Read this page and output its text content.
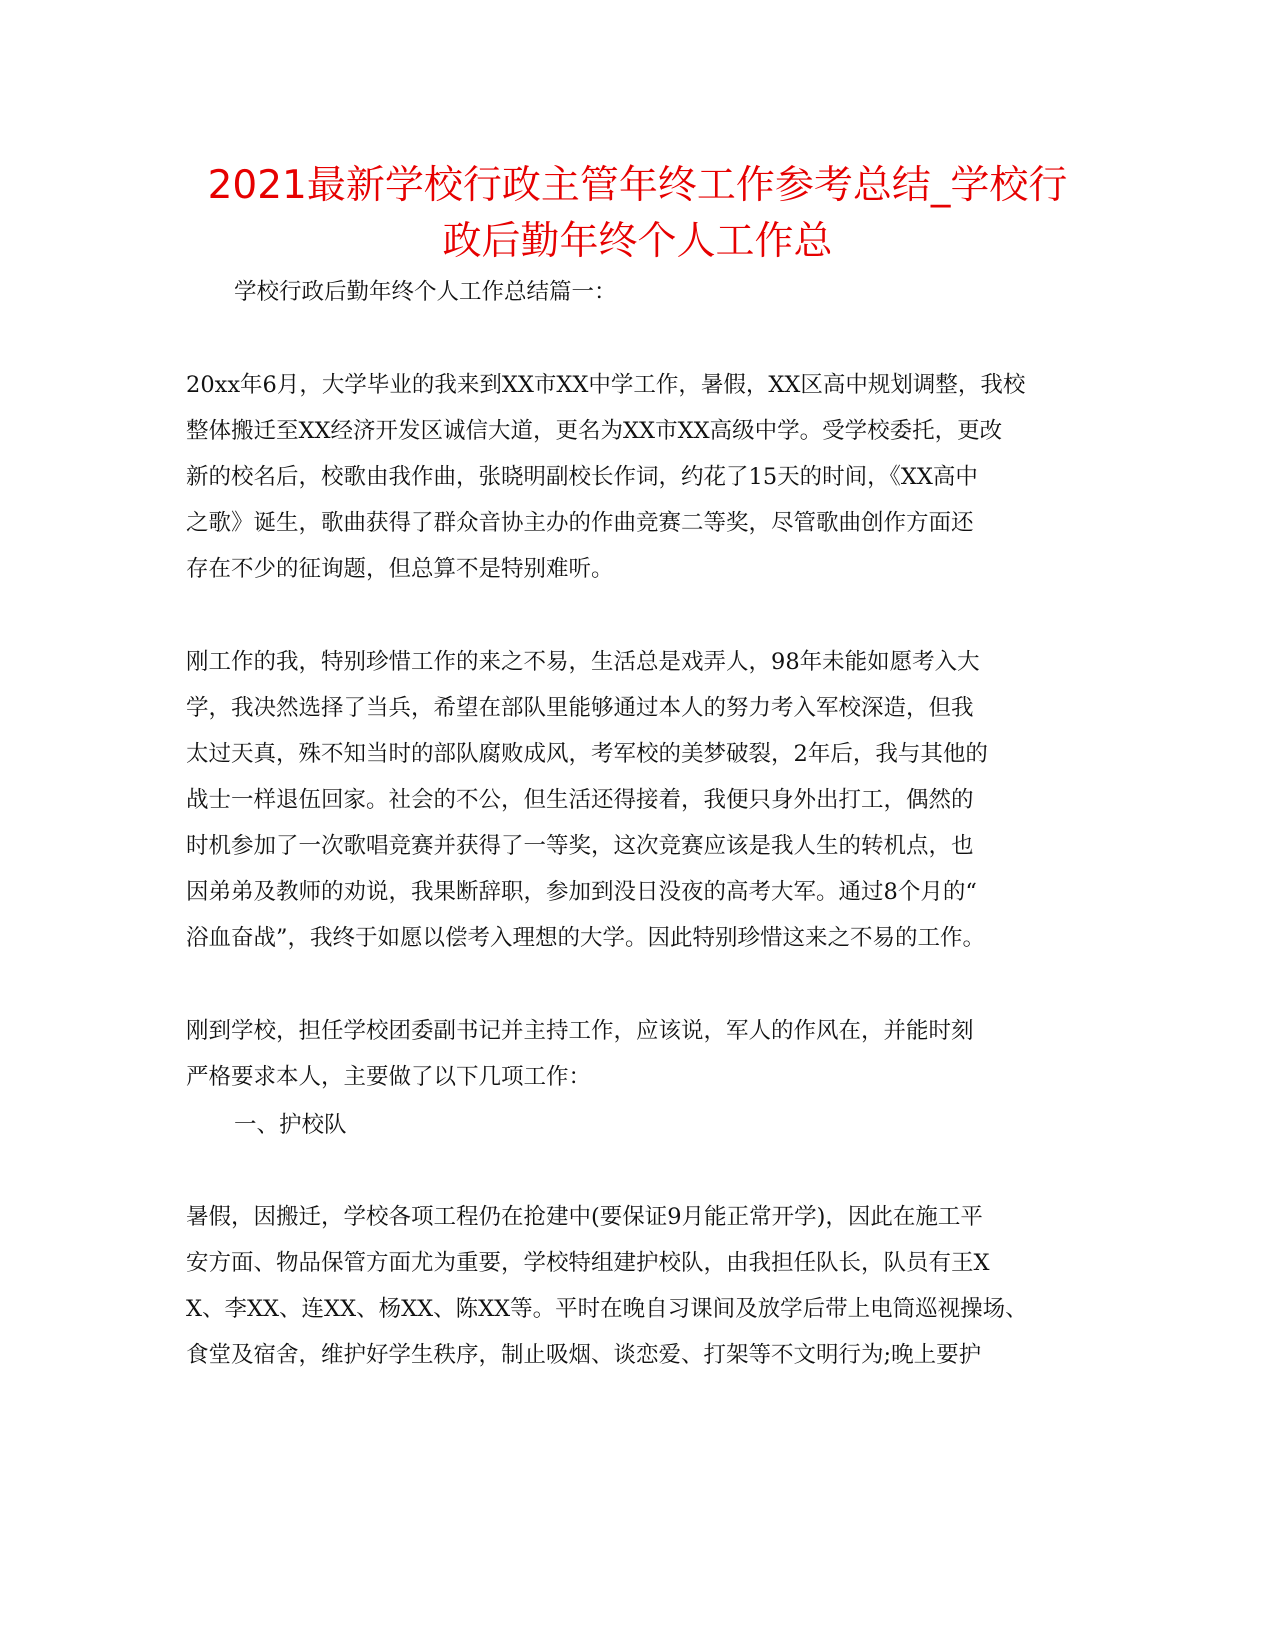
2021最新学校行政主管年终工作参考总结_学校行
政后勤年终个人工作总
学校行政后勤年终个人工作总结篇一：
20xx年6月，大学毕业的我来到XX市XX中学工作，暑假，XX区高中规划调整，我校
整体搬迁至XX经济开发区诚信大道，更名为XX市XX高级中学。受学校委托，更改
新的校名后，校歌由我作曲，张晓明副校长作词，约花了15天的时间，《XX高中
之歌》诞生，歌曲获得了群众音协主办的作曲竞赛二等奖，尽管歌曲创作方面还
存在不少的征询题，但总算不是特别难听。
刚工作的我，特别珍惜工作的来之不易，生活总是戏弄人，98年未能如愿考入大
学，我决然选择了当兵，希望在部队里能够通过本人的努力考入军校深造，但我
太过天真，殊不知当时的部队腐败成风，考军校的美梦破裂，2年后，我与其他的
战士一样退伍回家。社会的不公，但生活还得接着，我便只身外出打工，偶然的
时机参加了一次歌唱竞赛并获得了一等奖，这次竞赛应该是我人生的转机点，也
因弟弟及教师的劝说，我果断辞职，参加到没日没夜的高考大军。通过8个月的“
浴血奋战”，我终于如愿以偿考入理想的大学。因此特别珍惜这来之不易的工作。
刚到学校，担任学校团委副书记并主持工作，应该说，军人的作风在，并能时刻
严格要求本人，主要做了以下几项工作：
一、护校队
暑假，因搬迁，学校各项工程仍在抢建中(要保证9月能正常开学)，因此在施工平
安方面、物品保管方面尤为重要，学校特组建护校队，由我担任队长，队员有王X
X、李XX、连XX、杨XX、陈XX等。平时在晚自习课间及放学后带上电筒巡视操场、
食堂及宿舍，维护好学生秩序，制止吸烟、谈恋爱、打架等不文明行为;晚上要护
